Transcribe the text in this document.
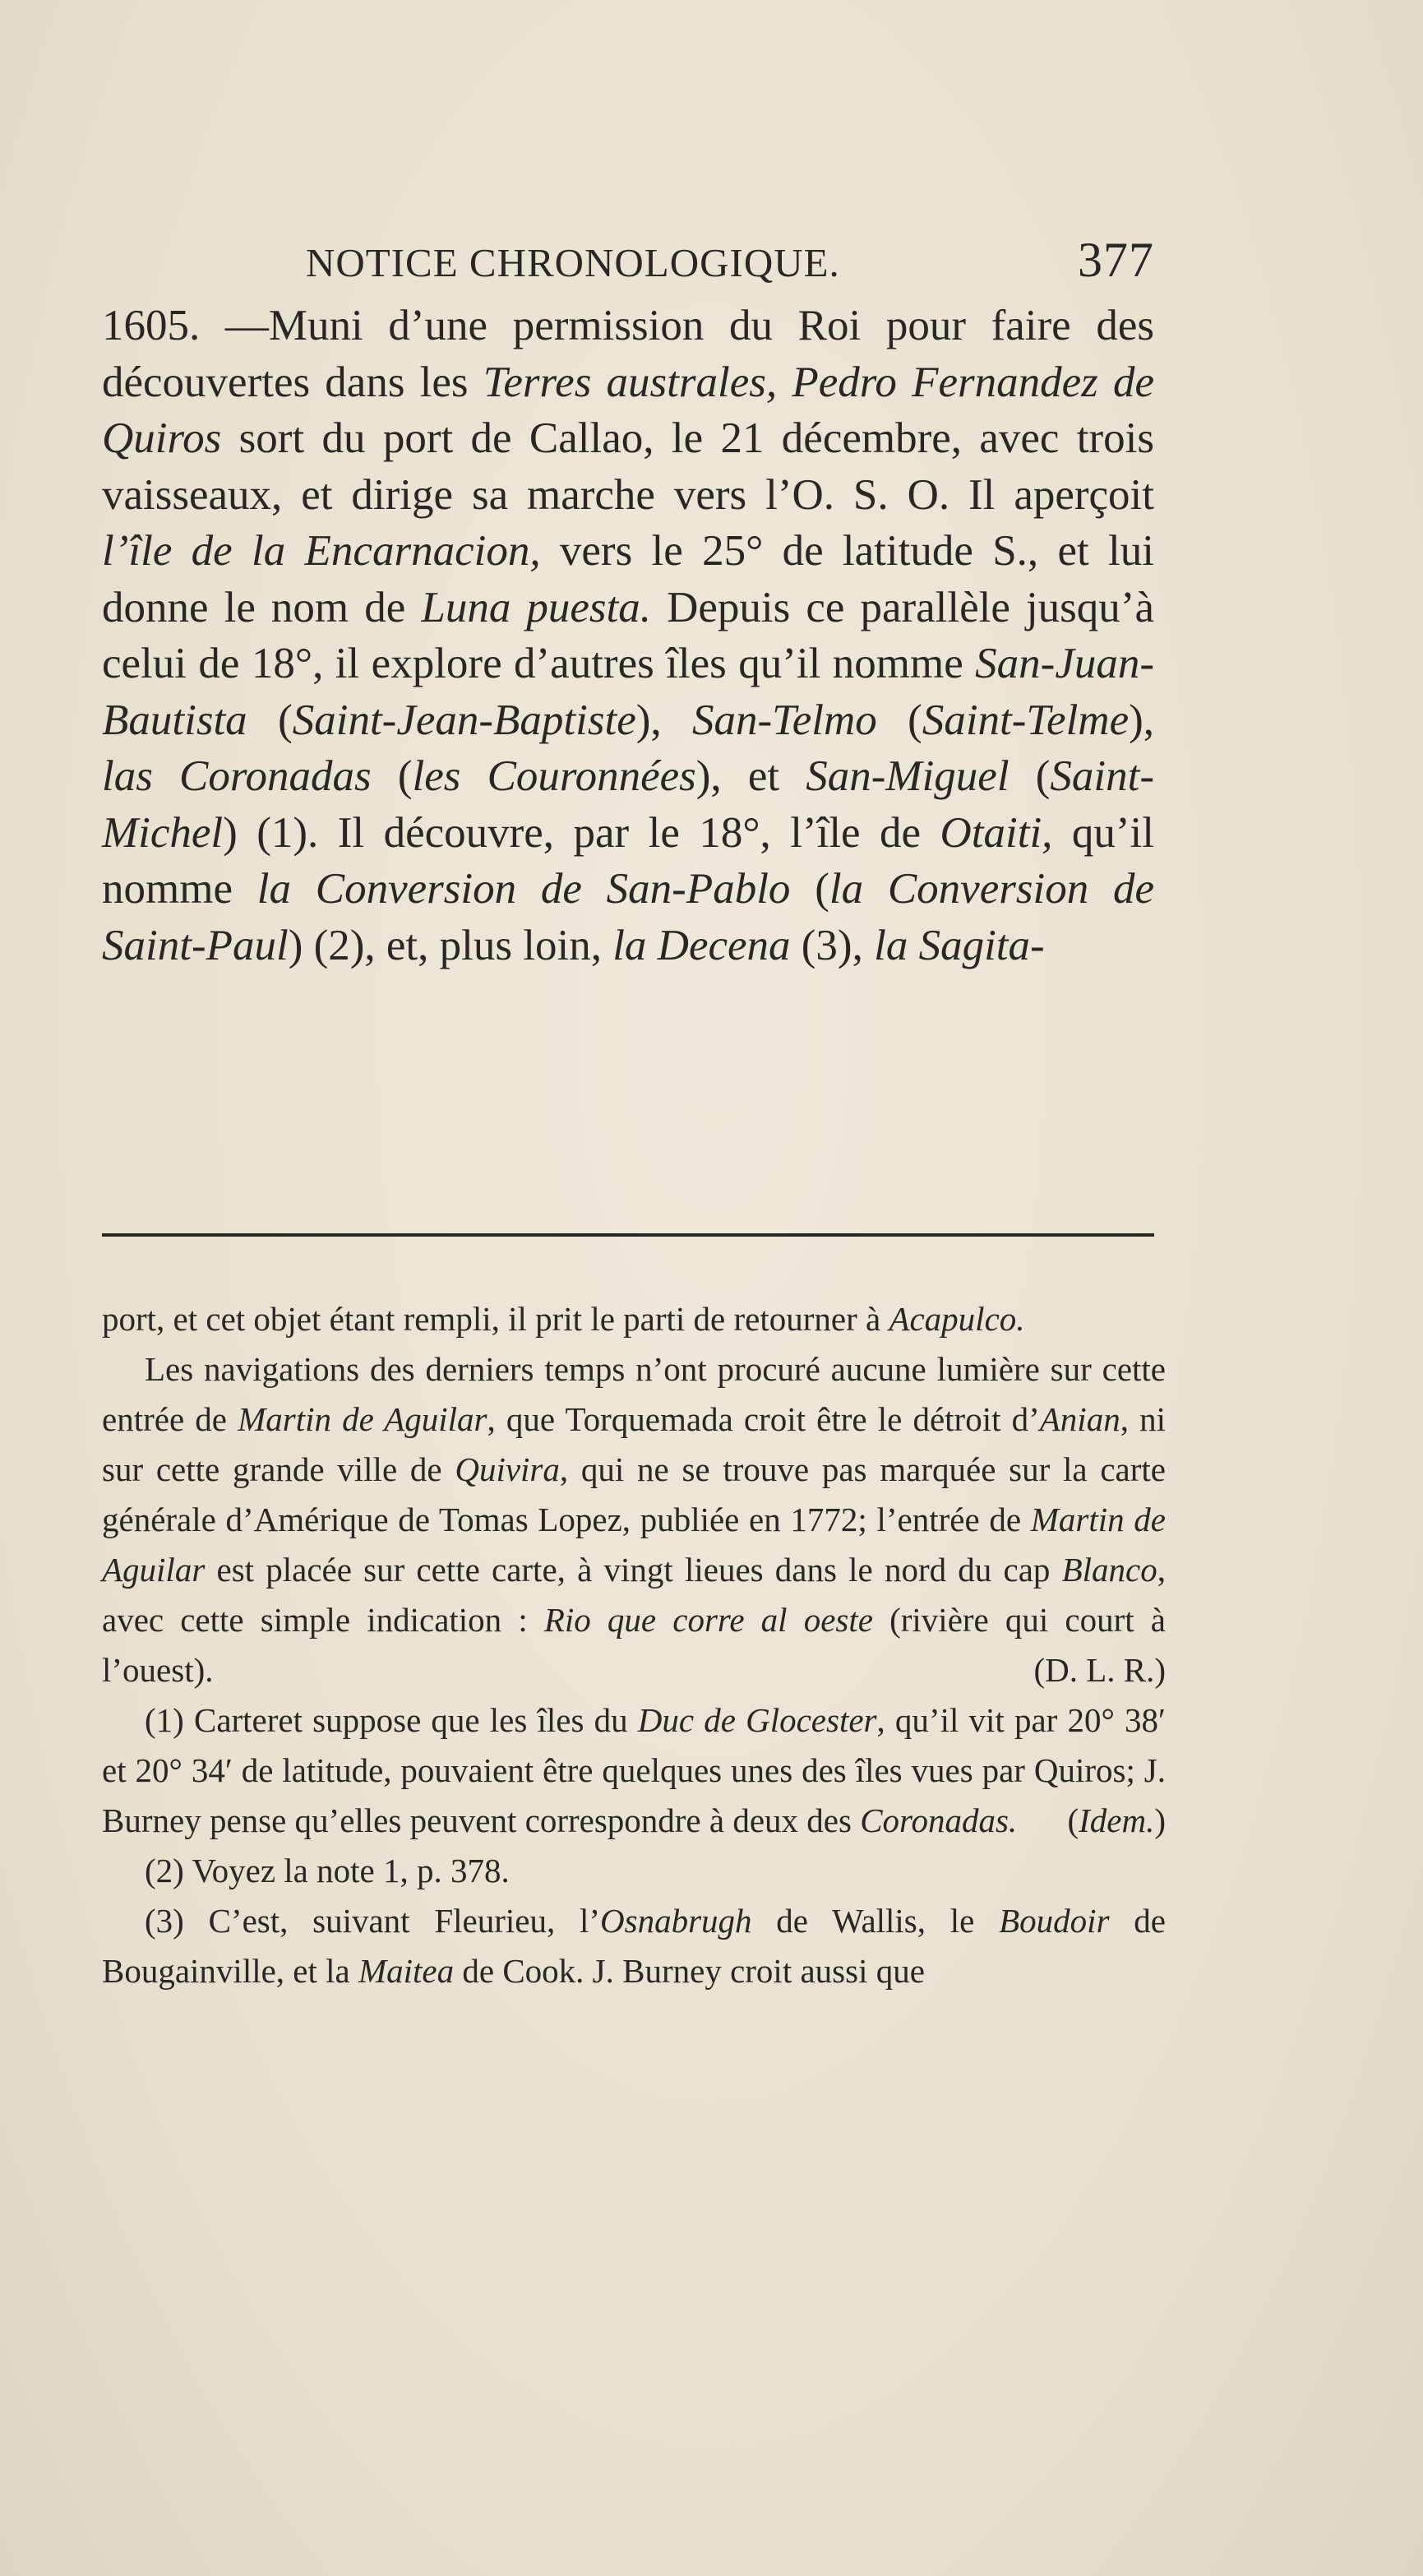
NOTICE CHRONOLOGIQUE.	377

1605. —Muni d’une permission du Roi pour faire des découvertes dans les Terres australes, Pedro Fernandez de Quiros sort du port de Callao, le 21 décembre, avec trois vaisseaux, et dirige sa marche vers l’O. S. O. Il aperçoit l’île de la Encarnacion, vers le 25° de latitude S., et lui donne le nom de Luna puesta. Depuis ce parallèle jusqu’à celui de 18°, il explore d’autres îles qu’il nomme San-Juan-Bautista (Saint-Jean-Baptiste), San-Telmo (Saint-Telme), las Coronadas (les Couronnées), et San-Miguel (Saint-Michel) (1). Il découvre, par le 18°, l’île de Otaiti, qu’il nomme la Conversion de San-Pablo (la Conversion de Saint-Paul) (2), et, plus loin, la Decena (3), la Sagita-

port, et cet objet étant rempli, il prit le parti de retourner à Acapulco.

Les navigations des derniers temps n’ont procuré aucune lumière sur cette entrée de Martin de Aguilar, que Torquemada croit être le détroit d’Anian, ni sur cette grande ville de Quivira, qui ne se trouve pas marquée sur la carte générale d’Amérique de Tomas Lopez, publiée en 1772; l’entrée de Martin de Aguilar est placée sur cette carte, à vingt lieues dans le nord du cap Blanco, avec cette simple indication : Rio que corre al oeste (rivière qui court à l’ouest).	(D. L. R.)

(1) Carteret suppose que les îles du Duc de Glocester, qu’il vit par 20° 38′ et 20° 34′ de latitude, pouvaient être quelques unes des îles vues par Quiros; J. Burney pense qu’elles peuvent correspondre à deux des Coronadas.	(Idem.)

(2) Voyez la note 1, p. 378.

(3) C’est, suivant Fleurieu, l’Osnabrugh de Wallis, le Boudoir de Bougainville, et la Maitea de Cook. J. Burney croit aussi que
